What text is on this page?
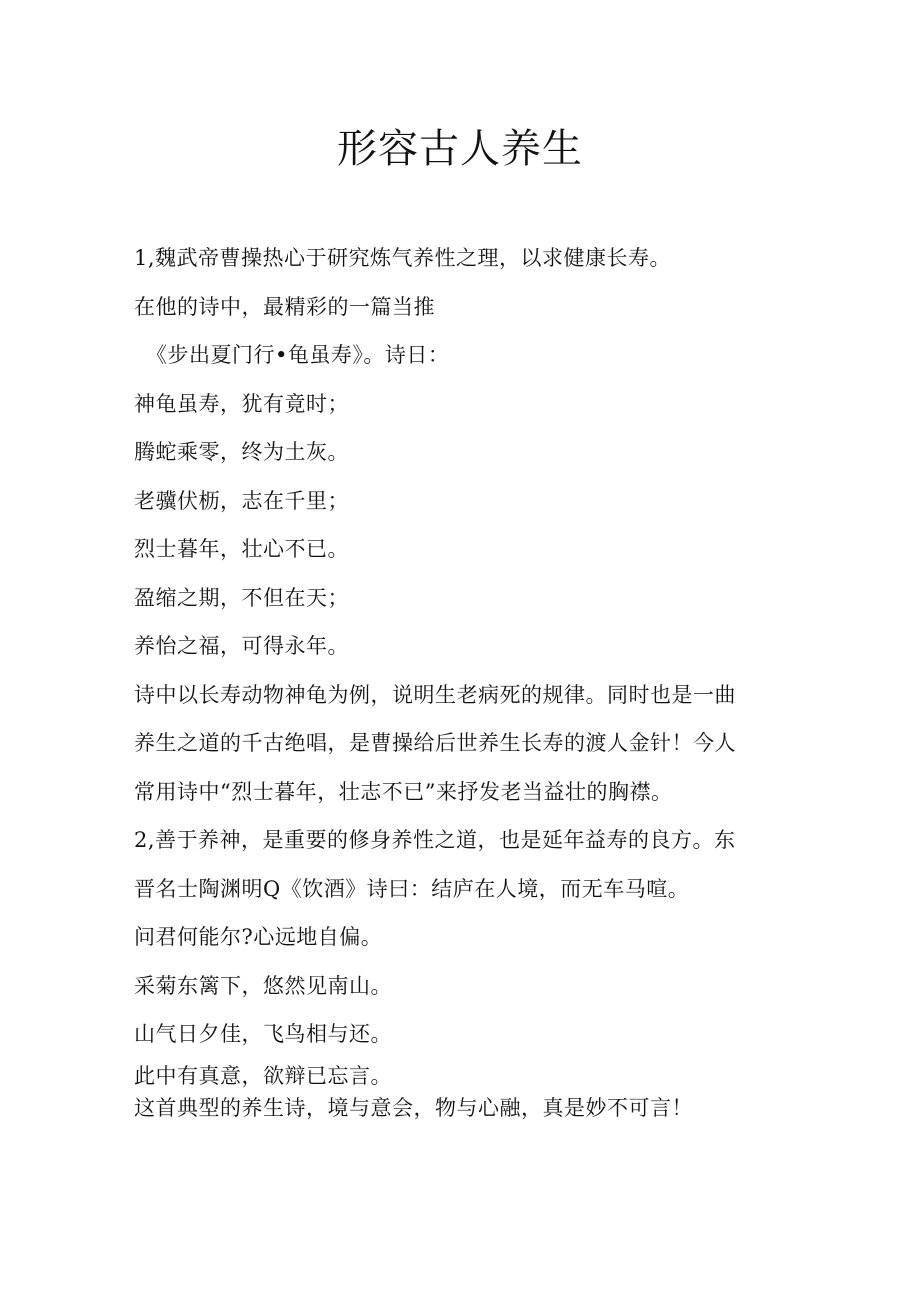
形容古人养生
1,魏武帝曹操热心于研究炼气养性之理，以求健康长寿。
在他的诗中，最精彩的一篇当推
《步出夏门行•龟虽寿》。诗日：
神龟虽寿，犹有竟时；
腾蛇乘零，终为土灰。
老骥伏枥，志在千里；
烈士暮年，壮心不已。
盈缩之期，不但在天；
养怡之福，可得永年。
诗中以长寿动物神龟为例，说明生老病死的规律。同时也是一曲
养生之道的千古绝唱，是曹操给后世养生长寿的渡人金针！今人
常用诗中“烈士暮年，壮志不已”来抒发老当益壮的胸襟。
2,善于养神，是重要的修身养性之道，也是延年益寿的良方。东
晋名士陶渊明Q《饮酒》诗曰：结庐在人境，而无车马喧。
问君何能尔?心远地自偏。
采菊东篱下，悠然见南山。
山气日夕佳，飞鸟相与还。
此中有真意，欲辩已忘言。
这首典型的养生诗，境与意会，物与心融，真是妙不可言！
